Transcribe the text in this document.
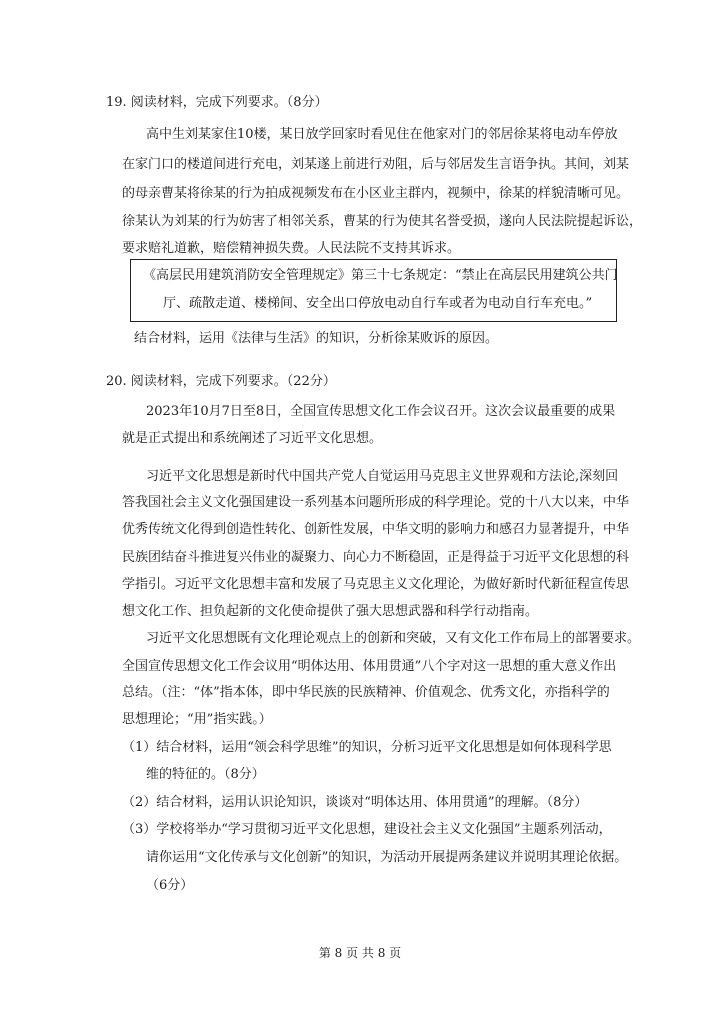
19. 阅读材料，完成下列要求。（8分）
高中生刘某家住10楼，某日放学回家时看见住在他家对门的邻居徐某将电动车停放
在家门口的楼道间进行充电，刘某遂上前进行劝阻，后与邻居发生言语争执。其间，刘某
的母亲曹某将徐某的行为拍成视频发布在小区业主群内，视频中，徐某的样貌清晰可见。
徐某认为刘某的行为妨害了相邻关系，曹某的行为使其名誉受损，遂向人民法院提起诉讼，
要求赔礼道歉，赔偿精神损失费。人民法院不支持其诉求。
《高层民用建筑消防安全管理规定》第三十七条规定：“禁止在高层民用建筑公共门
厅、疏散走道、楼梯间、安全出口停放电动自行车或者为电动自行车充电。”
结合材料，运用《法律与生活》的知识，分析徐某败诉的原因。
20. 阅读材料，完成下列要求。（22分）
2023年10月7日至8日，全国宣传思想文化工作会议召开。这次会议最重要的成果
就是正式提出和系统阐述了习近平文化思想。
习近平文化思想是新时代中国共产党人自觉运用马克思主义世界观和方法论,深刻回
答我国社会主义文化强国建设一系列基本问题所形成的科学理论。党的十八大以来，中华
优秀传统文化得到创造性转化、创新性发展，中华文明的影响力和感召力显著提升，中华
民族团结奋斗推进复兴伟业的凝聚力、向心力不断稳固，正是得益于习近平文化思想的科
学指引。习近平文化思想丰富和发展了马克思主义文化理论，为做好新时代新征程宣传思
想文化工作、担负起新的文化使命提供了强大思想武器和科学行动指南。
习近平文化思想既有文化理论观点上的创新和突破，又有文化工作布局上的部署要求。
全国宣传思想文化工作会议用“明体达用、体用贯通”八个字对这一思想的重大意义作出
总结。（注：“体”指本体，即中华民族的民族精神、价值观念、优秀文化，亦指科学的
思想理论；“用”指实践。）
（1）结合材料，运用“领会科学思维”的知识，分析习近平文化思想是如何体现科学思
维的特征的。（8分）
（2）结合材料，运用认识论知识，谈谈对“明体达用、体用贯通”的理解。（8分）
（3）学校将举办“学习贯彻习近平文化思想，建设社会主义文化强国”主题系列活动，
请你运用“文化传承与文化创新”的知识，为活动开展提两条建议并说明其理论依据。
（6分）
第 8 页 共 8 页
